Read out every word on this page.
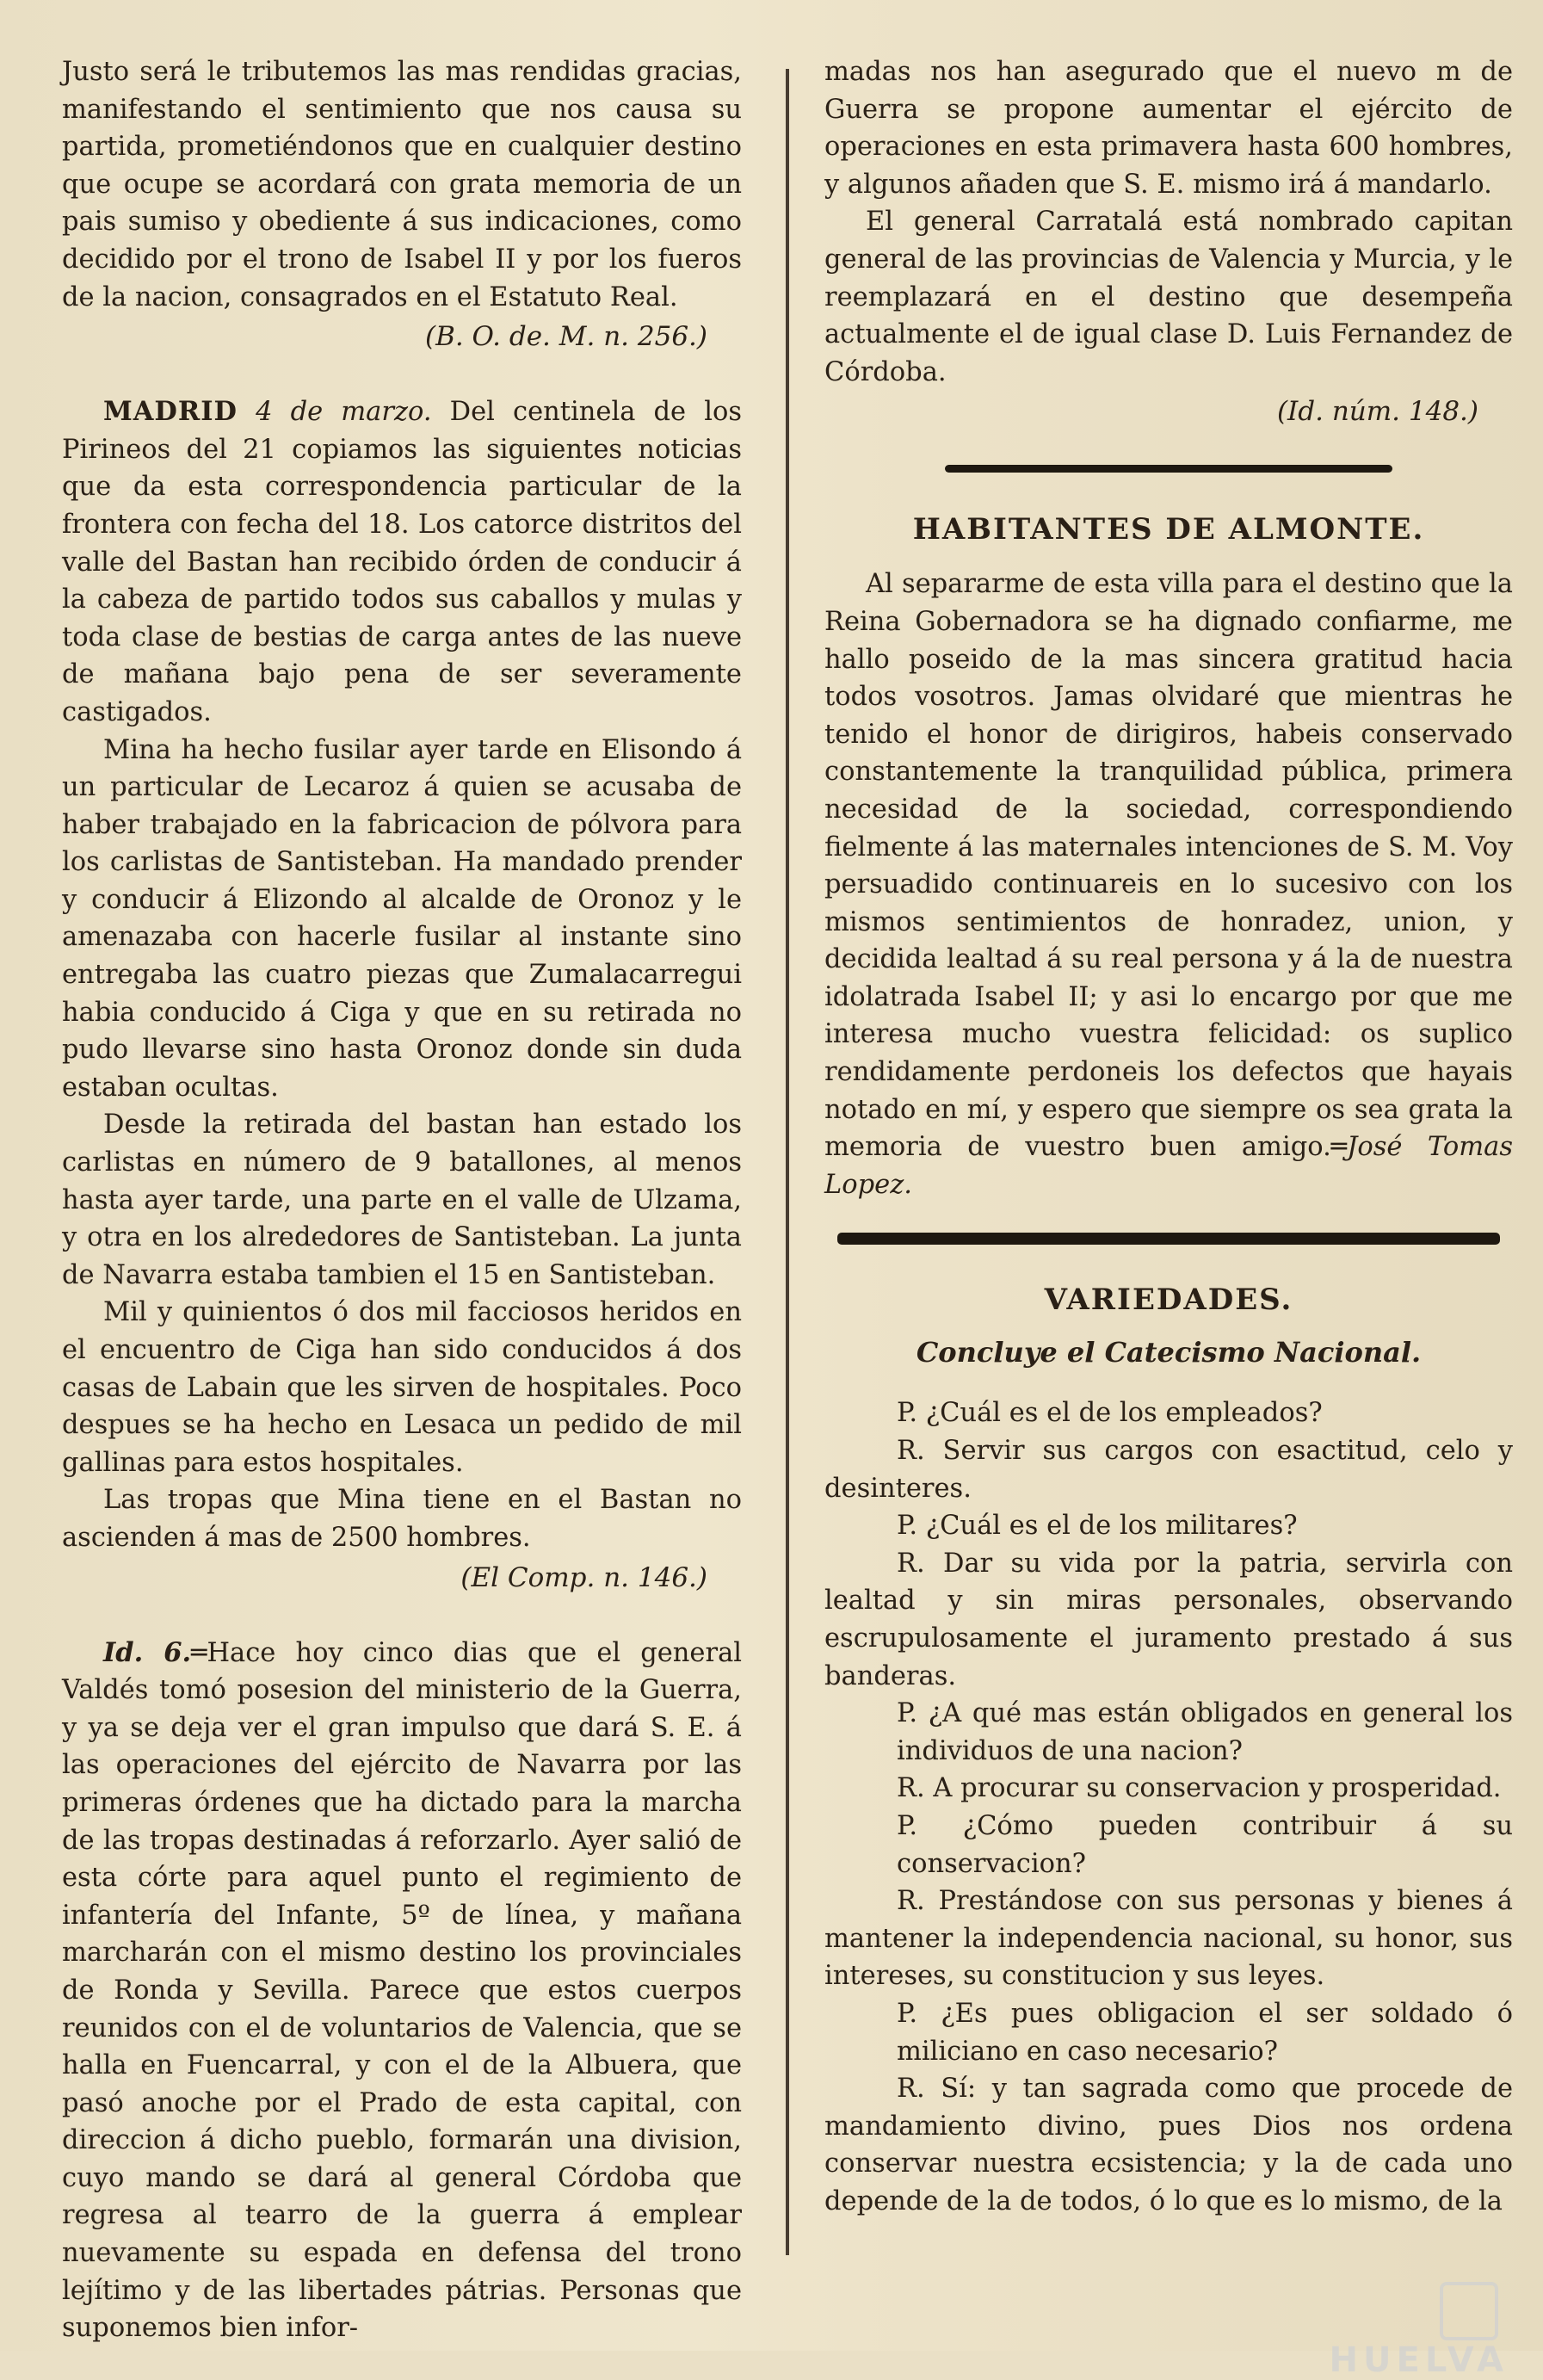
Justo será le tributemos las mas rendidas gracias, manifestando el sentimiento que nos causa su partida, prometiéndonos que en cualquier destino que ocupe se acordará con grata memoria de un pais sumiso y obediente á sus indicaciones, como decidido por el trono de Isabel II y por los fueros de la nacion, consagrados en el Estatuto Real.

(B. O. de. M. n. 256.)

MADRID 4 de marzo. Del centinela de los Pirineos del 21 copiamos las siguientes noticias que da esta correspondencia particular de la frontera con fecha del 18. Los catorce distritos del valle del Bastan han recibido órden de conducir á la cabeza de partido todos sus caballos y mulas y toda clase de bestias de carga antes de las nueve de mañana bajo pena de ser severamente castigados.

Mina ha hecho fusilar ayer tarde en Elisondo á un particular de Lecaroz á quien se acusaba de haber trabajado en la fabricacion de pólvora para los carlistas de Santisteban. Ha mandado prender y conducir á Elizondo al alcalde de Oronoz y le amenazaba con hacerle fusilar al instante sino entregaba las cuatro piezas que Zumalacarregui habia conducido á Ciga y que en su retirada no pudo llevarse sino hasta Oronoz donde sin duda estaban ocultas.

Desde la retirada del bastan han estado los carlistas en número de 9 batallones, al menos hasta ayer tarde, una parte en el valle de Ulzama, y otra en los alrededores de Santisteban. La junta de Navarra estaba tambien el 15 en Santisteban.

Mil y quinientos ó dos mil facciosos heridos en el encuentro de Ciga han sido conducidos á dos casas de Labain que les sirven de hospitales. Poco despues se ha hecho en Lesaca un pedido de mil gallinas para estos hospitales.

Las tropas que Mina tiene en el Bastan no ascienden á mas de 2500 hombres.

(El Comp. n. 146.)

Id. 6.═Hace hoy cinco dias que el general Valdés tomó posesion del ministerio de la Guerra, y ya se deja ver el gran impulso que dará S. E. á las operaciones del ejército de Navarra por las primeras órdenes que ha dictado para la marcha de las tropas destinadas á reforzarlo. Ayer salió de esta córte para aquel punto el regimiento de infantería del Infante, 5º de línea, y mañana marcharán con el mismo destino los provinciales de Ronda y Sevilla. Parece que estos cuerpos reunidos con el de voluntarios de Valencia, que se halla en Fuencarral, y con el de la Albuera, que pasó anoche por el Prado de esta capital, con direccion á dicho pueblo, formarán una division, cuyo mando se dará al general Córdoba que regresa al tearro de la guerra á emplear nuevamente su espada en defensa del trono lejítimo y de las libertades pátrias. Personas que suponemos bien infor-

madas nos han asegurado que el nuevo m de Guerra se propone aumentar el ejército de operaciones en esta primavera hasta 600 hombres, y algunos añaden que S. E. mismo irá á mandarlo.

El general Carratalá está nombrado capitan general de las provincias de Valencia y Murcia, y le reemplazará en el destino que desempeña actualmente el de igual clase D. Luis Fernandez de Córdoba.

(Id. núm. 148.)
HABITANTES DE ALMONTE.

Al separarme de esta villa para el destino que la Reina Gobernadora se ha dignado confiarme, me hallo poseido de la mas sincera gratitud hacia todos vosotros. Jamas olvidaré que mientras he tenido el honor de dirigiros, habeis conservado constantemente la tranquilidad pública, primera necesidad de la sociedad, correspondiendo fielmente á las maternales intenciones de S. M. Voy persuadido continuareis en lo sucesivo con los mismos sentimientos de honradez, union, y decidida lealtad á su real persona y á la de nuestra idolatrada Isabel II; y asi lo encargo por que me interesa mucho vuestra felicidad: os suplico rendidamente perdoneis los defectos que hayais notado en mí, y espero que siempre os sea grata la memoria de vuestro buen amigo.═José Tomas Lopez.

VARIEDADES.
Concluye el Catecismo Nacional.

P. ¿Cuál es el de los empleados?

R. Servir sus cargos con esactitud, celo y desinteres.

P. ¿Cuál es el de los militares?

R. Dar su vida por la patria, servirla con lealtad y sin miras personales, observando escrupulosamente el juramento prestado á sus banderas.

P. ¿A qué mas están obligados en general los individuos de una nacion?

R. A procurar su conservacion y prosperidad.

P. ¿Cómo pueden contribuir á su conservacion?

R. Prestándose con sus personas y bienes á mantener la independencia nacional, su honor, sus intereses, su constitucion y sus leyes.

P. ¿Es pues obligacion el ser soldado ó miliciano en caso necesario?

R. Sí: y tan sagrada como que procede de mandamiento divino, pues Dios nos ordena conservar nuestra ecsistencia; y la de cada uno depende de la de todos, ó lo que es lo mismo, de la

HUELVA
